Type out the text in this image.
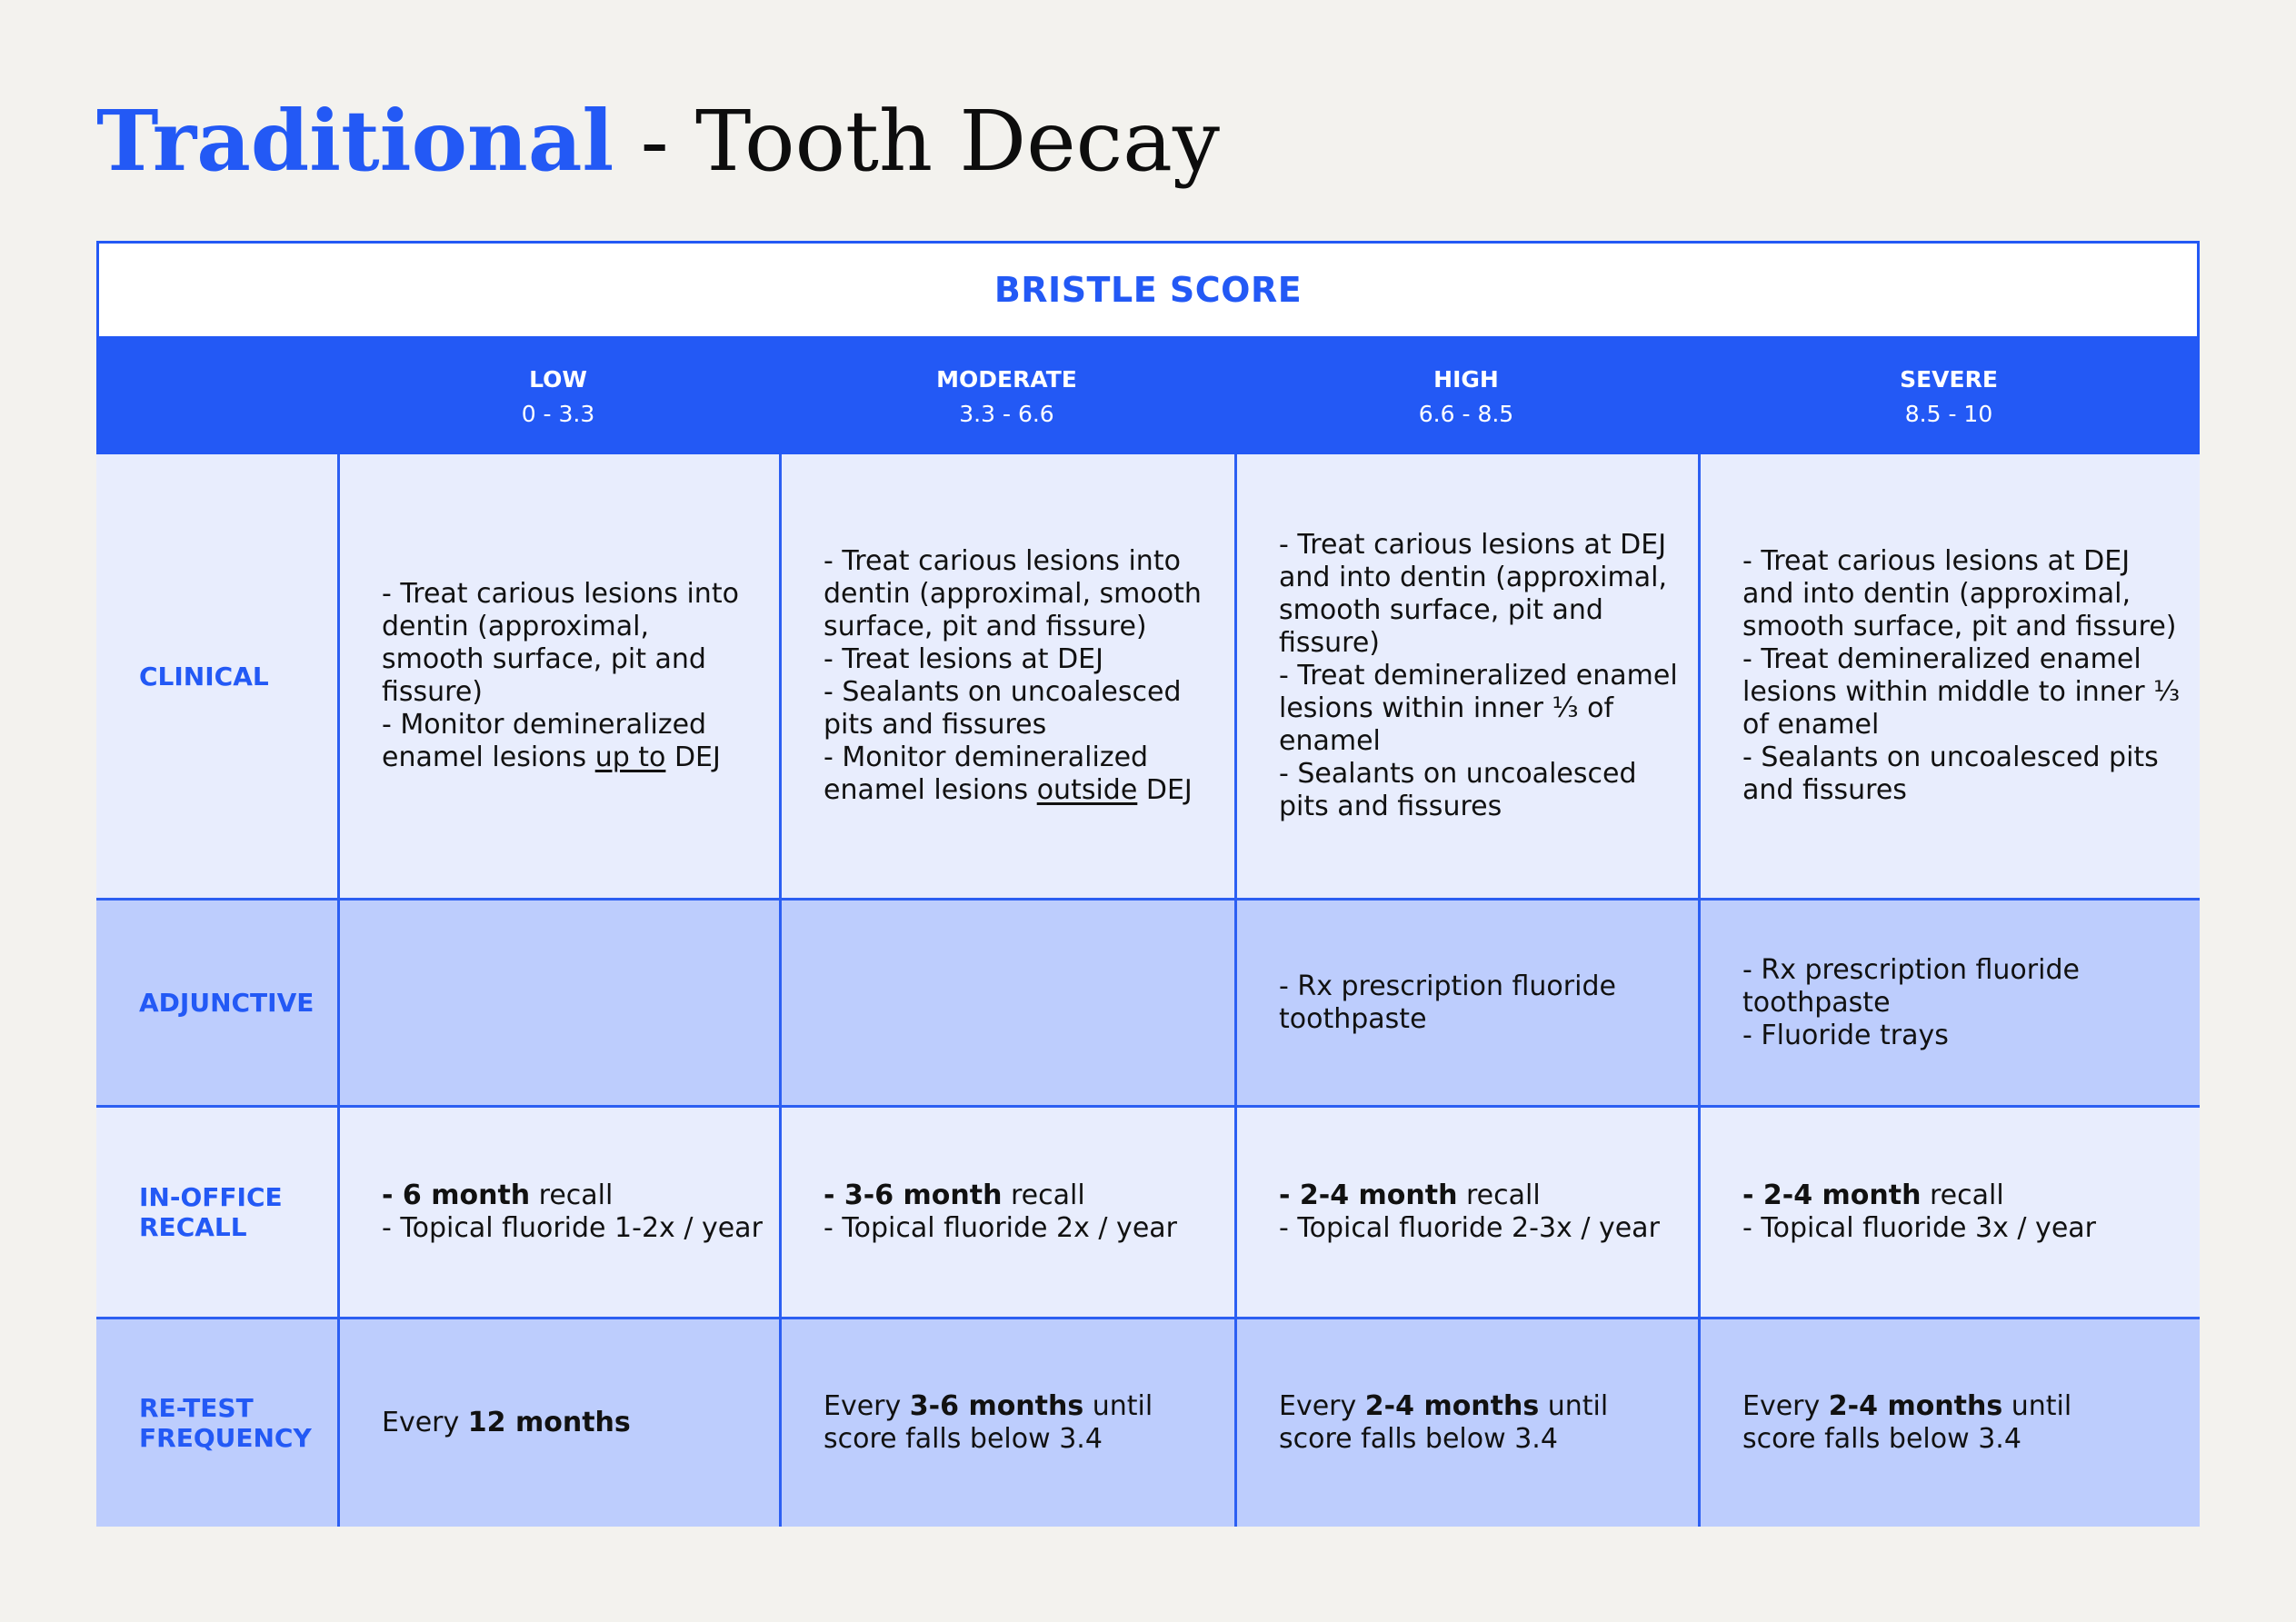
Traditional - Tooth Decay
BRISTLE SCORE
LOW
0 - 3.3
MODERATE
3.3 - 6.6
HIGH
6.6 - 8.5
SEVERE
8.5 - 10
CLINICAL

- Treat carious lesions into
dentin (approximal,
smooth surface, pit and
fissure)
- Monitor demineralized
enamel lesions up to DEJ

- Treat carious lesions into
dentin (approximal, smooth
surface, pit and fissure)
- Treat lesions at DEJ
- Sealants on uncoalesced
pits and fissures
- Monitor demineralized
enamel lesions outside DEJ

- Treat carious lesions at DEJ
and into dentin (approximal,
smooth surface, pit and
fissure)
- Treat demineralized enamel
lesions within inner ⅓ of
enamel
- Sealants on uncoalesced
pits and fissures

- Treat carious lesions at DEJ
and into dentin (approximal,
smooth surface, pit and fissure)
- Treat demineralized enamel
lesions within middle to inner ⅓
of enamel
- Sealants on uncoalesced pits
and fissures

ADJUNCTIVE

- Rx prescription fluoride
toothpaste

- Rx prescription fluoride
toothpaste
- Fluoride trays

IN-OFFICE
RECALL

- 6 month recall
- Topical fluoride 1-2x / year

- 3-6 month recall
- Topical fluoride 2x / year

- 2-4 month recall
- Topical fluoride 2-3x / year

- 2-4 month recall
- Topical fluoride 3x / year

RE-TEST
FREQUENCY	Every 12 months

Every 3-6 months until
score falls below 3.4

Every 2-4 months until
score falls below 3.4

Every 2-4 months until
score falls below 3.4
